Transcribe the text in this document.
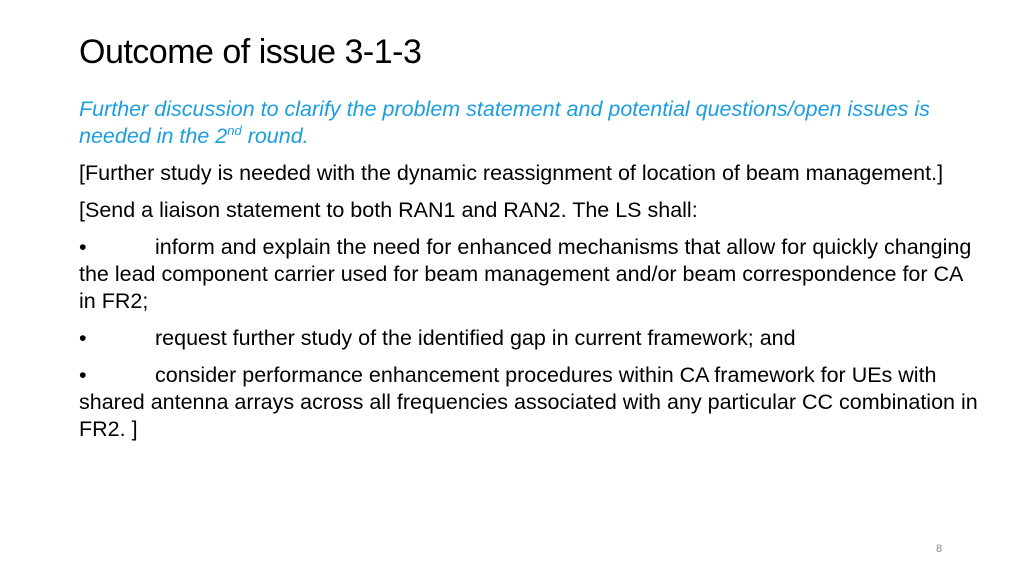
Outcome of issue 3-1-3

Further discussion to clarify the problem statement and potential questions/open issues is needed in the 2nd round.

[Further study is needed with the dynamic reassignment of location of beam management.]

[Send a liaison statement to both RAN1 and RAN2. The LS shall:

•	inform and explain the need for enhanced mechanisms that allow for quickly changing the lead component carrier used for beam management and/or beam correspondence for CA in FR2;

•	request further study of the identified gap in current framework; and

•	consider performance enhancement procedures within CA framework for UEs with shared antenna arrays across all frequencies associated with any particular CC combination in FR2. ]

8
